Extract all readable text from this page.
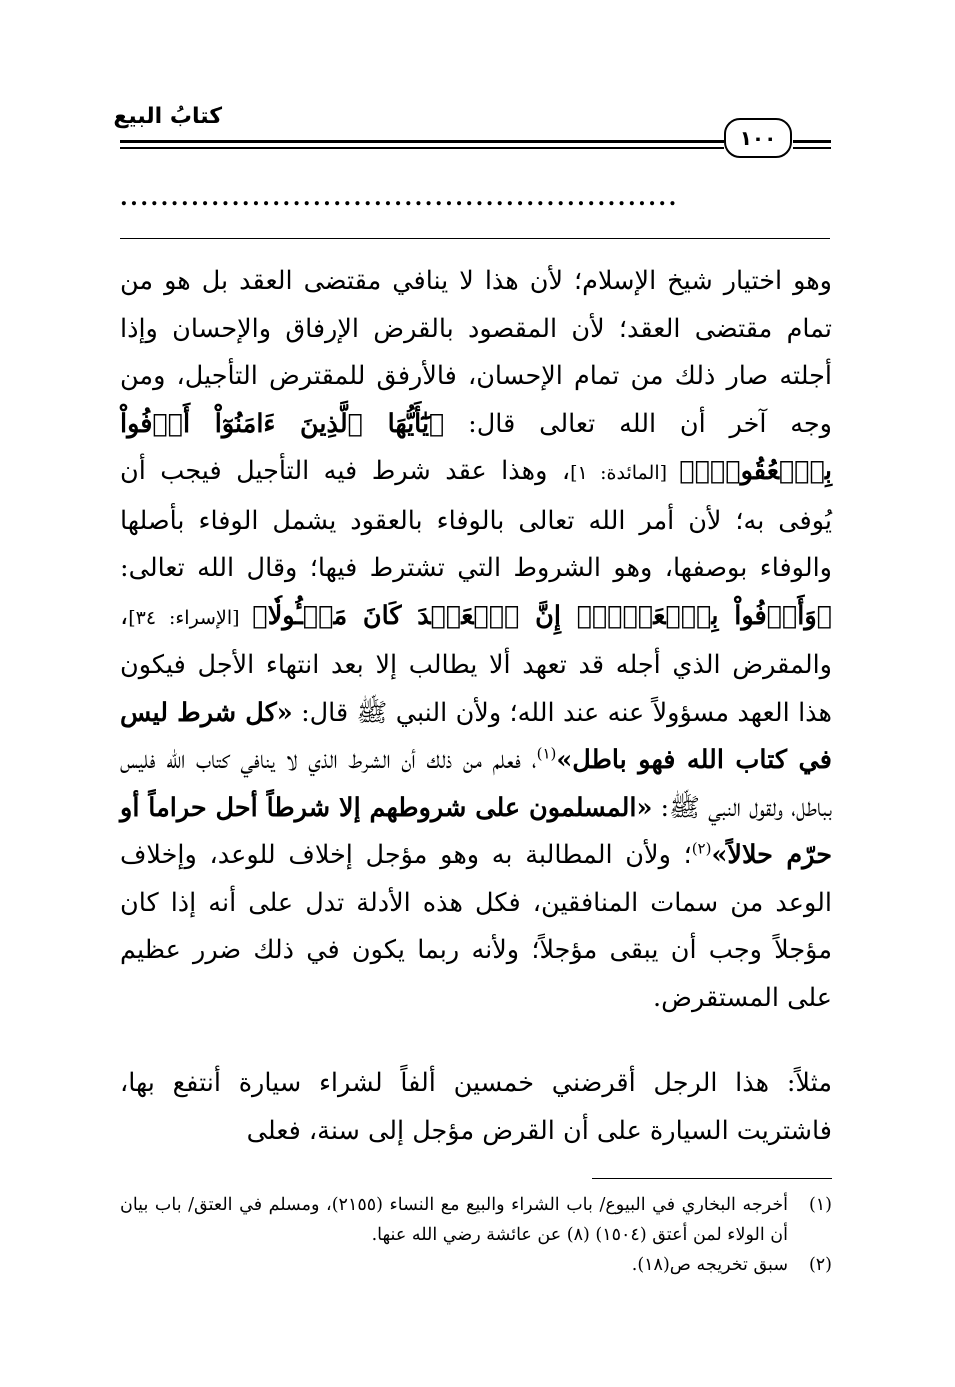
كتابُ البيع
١٠٠
.......................................................

وهو اختيار شيخ الإسلام؛ لأن هذا لا ينافي مقتضى العقد بل هو من تمام مقتضى العقد؛ لأن المقصود بالقرض الإرفاق والإحسان وإذا أجلته صار ذلك من تمام الإحسان، فالأرفق للمقترض التأجيل، ومن وجه آخر أن الله تعالى قال: ﴿يَٰٓأَيُّهَا ٱلَّذِينَ ءَامَنُوٓاْ أَوۡفُواْ بِٱلۡعُقُودِۚ﴾ [المائدة: ١]، وهذا عقد شرط فيه التأجيل فيجب أن يُوفى به؛ لأن أمر الله تعالى بالوفاء بالعقود يشمل الوفاء بأصلها والوفاء بوصفها، وهو الشروط التي تشترط فيها؛ وقال الله تعالى: ﴿وَأَوۡفُواْ بِٱلۡعَهۡدِۖ إِنَّ ٱلۡعَهۡدَ كَانَ مَسۡـُٔولٗا﴾ [الإسراء: ٣٤]، والمقرض الذي أجله قد تعهد ألا يطالب إلا بعد انتهاء الأجل فيكون هذا العهد مسؤولاً عنه عند الله؛ ولأن النبي ﷺ قال: «كل شرط ليس في كتاب الله فهو باطل»$^{(١)}$، فعلم من ذلك أن الشرط الذي لا ينافي كتاب الله فليس بباطل، ولقول النبي ﷺ: «المسلمون على شروطهم إلا شرطاً أحل حراماً أو حرّم حلالاً»$^{(٢)}$؛ ولأن المطالبة به وهو مؤجل إخلاف للوعد، وإخلاف الوعد من سمات المنافقين، فكل هذه الأدلة تدل على أنه إذا كان مؤجلاً وجب أن يبقى مؤجلاً؛ ولأنه ربما يكون في ذلك ضرر عظيم على المستقرض.

مثلاً: هذا الرجل أقرضني خمسين ألفاً لشراء سيارة أنتفع بها، فاشتريت السيارة على أن القرض مؤجل إلى سنة، فعلى

(١)
أخرجه البخاري في البيوع/ باب الشراء والبيع مع النساء (٢١٥٥)، ومسلم في العتق/ باب بيان أن الولاء لمن أعتق (١٥٠٤) (٨) عن عائشة رضي الله عنها.
(٢)
سبق تخريجه ص(١٨).
